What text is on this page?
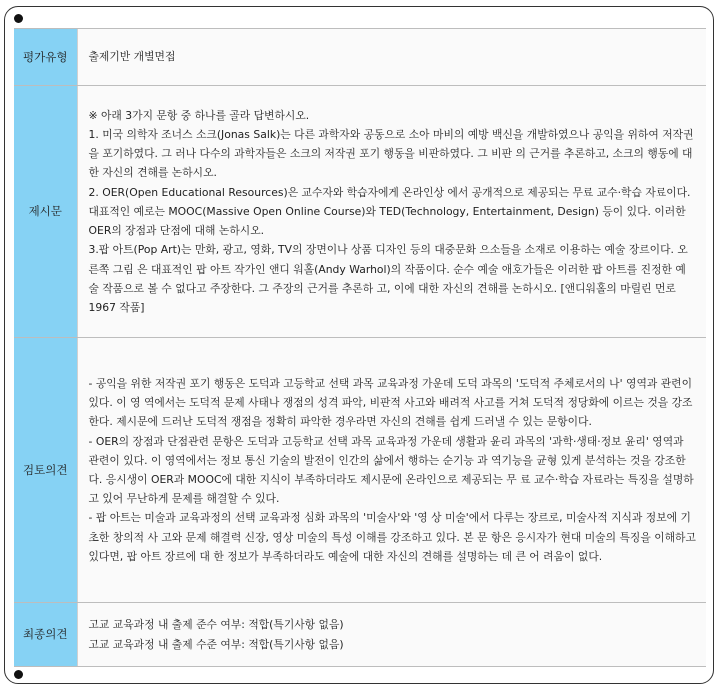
평가유형	출제기반 개별면접

제시문	※ 아래 3가지 문항 중 하나를 골라 답변하시오.

1. 미국 의학자 조너스 소크(Jonas Salk)는 다른 과학자와 공동으로 소아 마비의 예방 백신을 개발하였으나 공익을 위하여 저작권을 포기하였다. 그 러나 다수의 과학자들은 소크의 저작권 포기 행동을 비판하였다. 그 비판 의 근거를 추론하고, 소크의 행동에 대한 자신의 견해를 논하시오.

2. OER(Open Educational Resources)은 교수자와 학습자에게 온라인상 에서 공개적으로 제공되는 무료 교수·학습 자료이다. 대표적인 예로는 MOOC(Massive Open Online Course)와 TED(Technology, Entertainment, Design) 등이 있다. 이러한 OER의 장점과 단점에 대해 논하시오.

3.팝 아트(Pop Art)는 만화, 광고, 영화, TV의 장면이나 상품 디자인 등의 대중문화 으소들을 소재로 이용하는 예술 장르이다. 오른쪽 그림 은 대표적인 팝 아트 작가인 앤디 워홀(Andy Warhol)의 작품이다. 순수 예술 애호가들은 이러한 팝 아트를 진정한 예술 작품으로 볼 수 없다고 주장한다. 그 주장의 근거를 추론하 고, 이에 대한 자신의 견해를 논하시오. [앤디워홀의 마릴린 먼로 1967 작품]

검토의견	- 공익을 위한 저작권 포기 행동은 도덕과 고등학교 선택 과목 교육과정 가운데 도덕 과목의 '도덕적 주체로서의 나' 영역과 관련이 있다. 이 영 역에서는 도덕적 문제 사태나 쟁점의 성격 파악, 비판적 사고와 배려적 사고를 거쳐 도덕적 정당화에 이르는 것을 강조한다. 제시문에 드러난 도덕적 쟁점을 정확히 파악한 경우라면 자신의 견해를 쉽게 드러낼 수 있는 문항이다.

- OER의 장점과 단점관련 문항은 도덕과 고등학교 선택 과목 교육과정 가운데 생활과 윤리 과목의 '과학·생태·정보 윤리' 영역과 관련이 있다. 이 영역에서는 정보 통신 기술의 발전이 인간의 삶에서 행하는 순기능 과 역기능을 균형 있게 분석하는 것을 강조한다. 응시생이 OER과 MOOC에 대한 지식이 부족하더라도 제시문에 온라인으로 제공되는 무 료 교수·학습 자료라는 특징을 설명하고 있어 무난하게 문제를 해결할 수 있다.

- 팝 아트는 미술과 교육과정의 선택 교육과정 심화 과목의 '미술사'와 '영 상 미술'에서 다루는 장르로, 미술사적 지식과 정보에 기초한 창의적 사 고와 문제 해결력 신장, 영상 미술의 특성 이해를 강조하고 있다. 본 문 항은 응시자가 현대 미술의 특징을 이해하고 있다면, 팝 아트 장르에 대 한 정보가 부족하더라도 예술에 대한 자신의 견해를 설명하는 데 큰 어 려움이 없다.

최종의견	고교 교육과정 내 출제 준수 여부: 적합(특기사항 없음)

고교 교육과정 내 출제 수준 여부: 적합(특기사항 없음)
